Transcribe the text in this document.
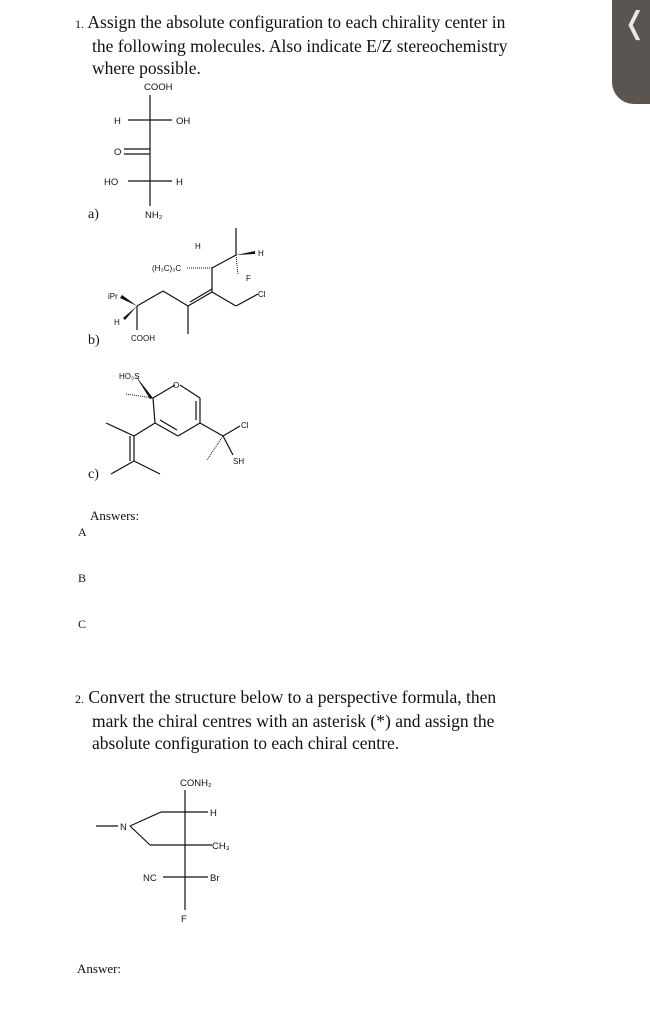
❬
1. Assign the absolute configuration to each chirality center in
the following molecules. Also indicate E/Z stereochemistry
where possible.
COOH
H	OH
O
HO	H
NH₂
H
(H₃C)₃C
H
F
Cl
iPr
H
COOH
HO₃S
O
Cl
SH
CONH₂
H
N
CH₃
NC	Br
F
a)
b)
c)
Answers:
A
B
C
2. Convert the structure below to a perspective formula, then
mark the chiral centres with an asterisk (*) and assign the
absolute configuration to each chiral centre.
Answer:
